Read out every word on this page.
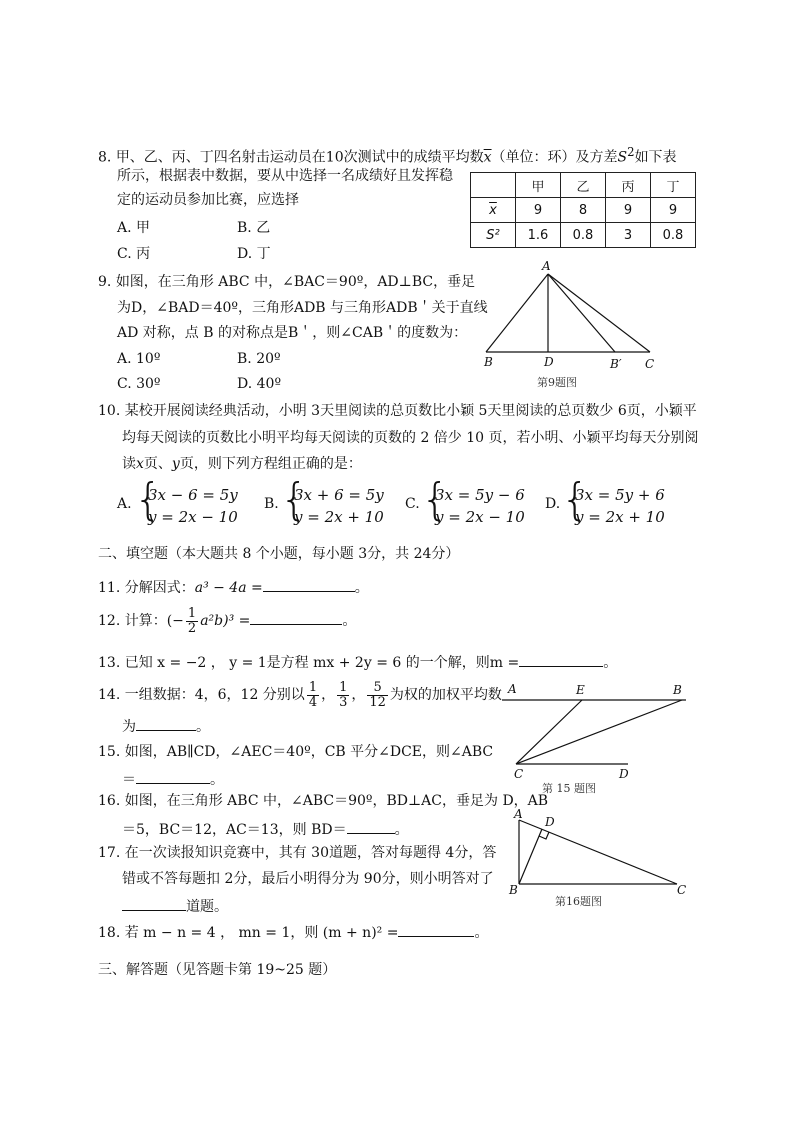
8. 甲、乙、丙、丁四名射击运动员在10次测试中的成绩平均数$\overline{x}$（单位：环）及方差$S^2$如下表
所示，根据表中数据，要从中选择一名成绩好且发挥稳
定的运动员参加比赛，应选择
A. 甲	B. 乙
C. 丙	D. 丁
	甲	乙	丙	丁
$\overline{x}$	9	8	9	9
S²	1.6	0.8	3	0.8
9. 如图，在三角形 ABC 中，∠BAC＝90º，AD⊥BC，垂足
为D，∠BAD＝40º，三角形ADB 与三角形ADB＇关于直线
AD 对称，点 B 的对称点是B＇，则∠CAB＇的度数为：
A. 10º	B. 20º
C. 30º	D. 40º
A
B	D	B′ C
第9题图
10. 某校开展阅读经典活动，小明 3天里阅读的总页数比小颖 5天里阅读的总页数少 6页，小颖平
均每天阅读的页数比小明平均每天阅读的页数的 2 倍少 10 页，若小明、小颖平均每天分别阅
读x页、y页，则下列方程组正确的是：
A. {
3x − 6 = 5y
y = 2x − 10
B. {
3x + 6 = 5y
y = 2x + 10
C. {
3x = 5y − 6
y = 2x − 10
D. {
3x = 5y + 6
y = 2x + 10
二、填空题（本大题共 8 个小题，每小题 3分，共 24分）
11. 分解因式：a³ − 4a =	。
12. 计算：(− $\frac{1}{2} a^2b)^3$ =	。
13. 已知 x = −2 ， y = 1是方程 mx + 2y = 6 的一个解，则m =	。
14. 一组数据：4，6，12 分别以 $\frac{1}{4}$ ， $\frac{1}{3}$ ， $\frac{5}{12}$ 为权的加权平均数
为	。
15. 如图，AB∥CD，∠AEC＝40º，CB 平分∠DCE，则∠ABC
＝	。
A	E	B
C	D
第 15 题图
16. 如图，在三角形 ABC 中，∠ABC＝90º，BD⊥AC，垂足为 D，AB
＝5，BC＝12，AC＝13，则 BD＝	。
A
D
B	C
第16题图
17. 在一次读报知识竞赛中，其有 30道题，答对每题得 4分，答
错或不答每题扣 2分，最后小明得分为 90分，则小明答对了
道题。
18. 若 m − n = 4 ， mn = 1，则 (m + n)² =	。
三、解答题（见答题卡第 19~25 题）
